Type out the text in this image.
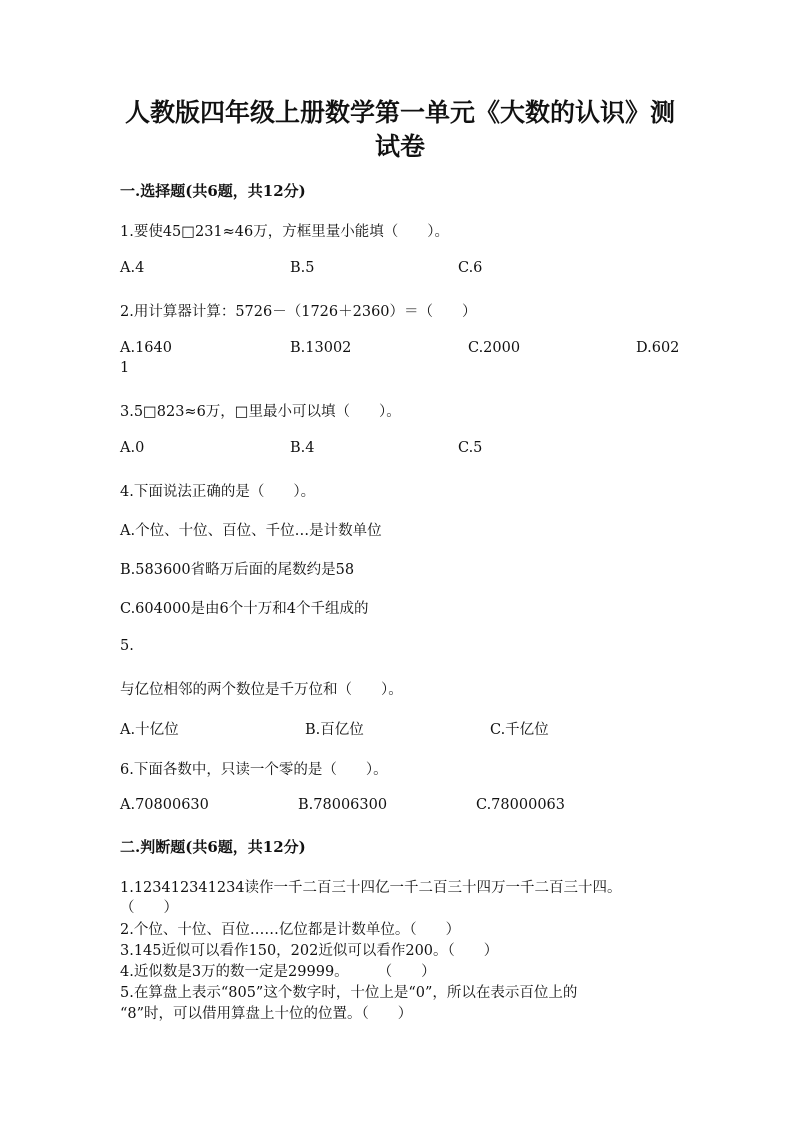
人教版四年级上册数学第一单元《大数的认识》测
试卷
一.选择题(共6题，共12分)
1.要使45□231≈46万，方框里量小能填（　　）。
A.4	B.5	C.6
2.用计算器计算：5726－（1726＋2360）＝（　　）
A.1640	B.13002	C.2000	D.602
1
3.5□823≈6万，□里最小可以填（　　）。
A.0	B.4	C.5
4.下面说法正确的是（　　）。
A.个位、十位、百位、千位…是计数单位
B.583600省略万后面的尾数约是58
C.604000是由6个十万和4个千组成的
5.
与亿位相邻的两个数位是千万位和（　　）。
A.十亿位	B.百亿位	C.千亿位
6.下面各数中，只读一个零的是（　　）。
A.70800630	B.78006300	C.78000063
二.判断题(共6题，共12分)
1.123412341234读作一千二百三十四亿一千二百三十四万一千二百三十四。
（　　）
2.个位、十位、百位……亿位都是计数单位。（　　）
3.145近似可以看作150，202近似可以看作200。（　　）
4.近似数是3万的数一定是29999。　　　（　　）
5.在算盘上表示“805”这个数字时，十位上是“0”，所以在表示百位上的
“8”时，可以借用算盘上十位的位置。（　　）
